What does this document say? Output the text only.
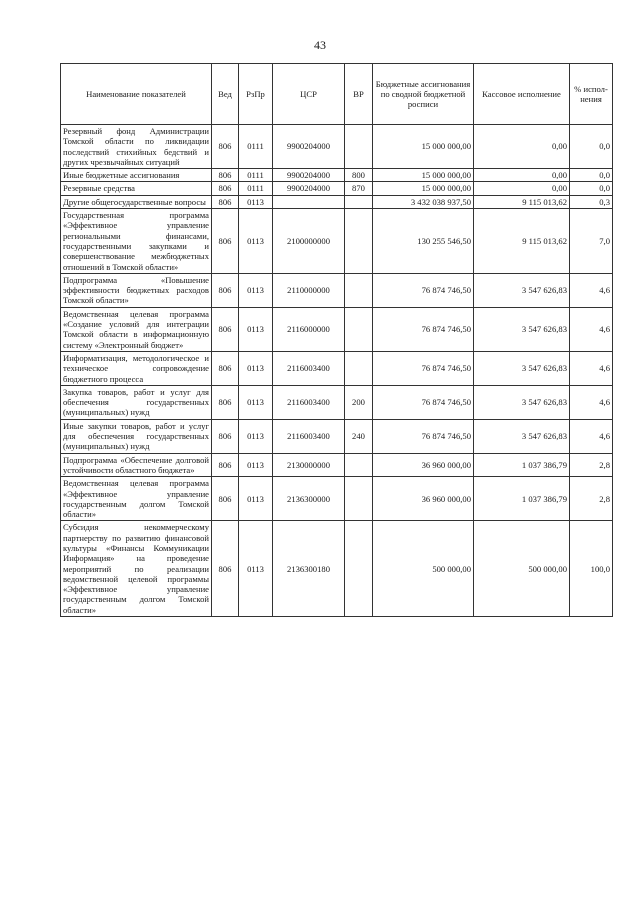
43
Наименование показателей	Вед	РзПр	ЦСР	ВР	Бюджетные ассигнования по сводной бюджетной росписи	Кассовое исполнение	% испол-нения
Резервный фонд Администрации Томской области по ликвидации последствий стихийных бедствий и других чрезвычайных ситуаций	806	0111	9900204000		15 000 000,00	0,00	0,0
Иные бюджетные ассигнования	806	0111	9900204000	800	15 000 000,00	0,00	0,0
Резервные средства	806	0111	9900204000	870	15 000 000,00	0,00	0,0
Другие общегосударственные вопросы	806	0113			3 432 038 937,50	9 115 013,62	0,3
Государственная программа «Эффективное управление региональными финансами, государственными закупками и совершенствование межбюджетных отношений в Томской области»	806	0113	2100000000		130 255 546,50	9 115 013,62	7,0
Подпрограмма «Повышение эффективности бюджетных расходов Томской области»	806	0113	2110000000		76 874 746,50	3 547 626,83	4,6
Ведомственная целевая программа «Создание условий для интеграции Томской области в информационную систему «Электронный бюджет»	806	0113	2116000000		76 874 746,50	3 547 626,83	4,6
Информатизация, методологическое и техническое сопровождение бюджетного процесса	806	0113	2116003400		76 874 746,50	3 547 626,83	4,6
Закупка товаров, работ и услуг для обеспечения государственных (муниципальных) нужд	806	0113	2116003400	200	76 874 746,50	3 547 626,83	4,6
Иные закупки товаров, работ и услуг для обеспечения государственных (муниципальных) нужд	806	0113	2116003400	240	76 874 746,50	3 547 626,83	4,6
Подпрограмма «Обеспечение долговой устойчивости областного бюджета»	806	0113	2130000000		36 960 000,00	1 037 386,79	2,8
Ведомственная целевая программа «Эффективное управление государственным долгом Томской области»	806	0113	2136300000		36 960 000,00	1 037 386,79	2,8
Субсидия некоммерческому партнерству по развитию финансовой культуры «Финансы Коммуникации Информация» на проведение мероприятий по реализации ведомственной целевой программы «Эффективное управление государственным долгом Томской области»	806	0113	2136300180		500 000,00	500 000,00	100,0
